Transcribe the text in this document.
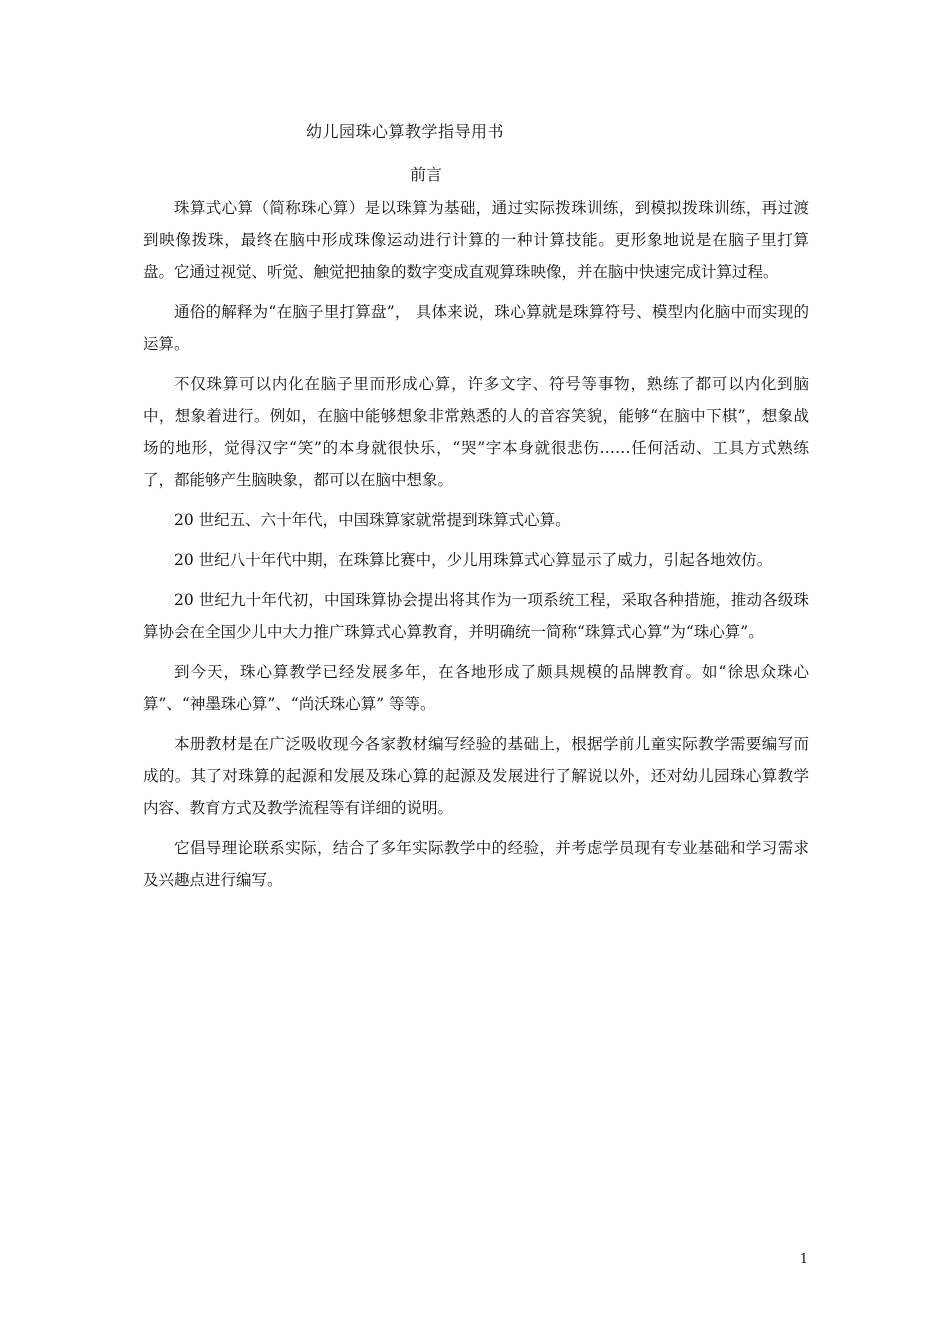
幼儿园珠心算教学指导用书
前言

珠算式心算（简称珠心算）是以珠算为基础，通过实际拨珠训练，到模拟拨珠训练，再过渡到映像拨珠，最终在脑中形成珠像运动进行计算的一种计算技能。更形象地说是在脑子里打算盘。它通过视觉、听觉、触觉把抽象的数字变成直观算珠映像，并在脑中快速完成计算过程。

通俗的解释为“在脑子里打算盘”， 具体来说，珠心算就是珠算符号、模型内化脑中而实现的运算。

不仅珠算可以内化在脑子里而形成心算，许多文字、符号等事物，熟练了都可以内化到脑中，想象着进行。例如，在脑中能够想象非常熟悉的人的音容笑貌，能够“在脑中下棋”，想象战场的地形，觉得汉字“笑”的本身就很快乐，“哭”字本身就很悲伤……任何活动、工具方式熟练了，都能够产生脑映象，都可以在脑中想象。

20 世纪五、六十年代，中国珠算家就常提到珠算式心算。

20 世纪八十年代中期，在珠算比赛中，少儿用珠算式心算显示了威力，引起各地效仿。

20 世纪九十年代初，中国珠算协会提出将其作为一项系统工程，采取各种措施，推动各级珠算协会在全国少儿中大力推广珠算式心算教育，并明确统一简称“珠算式心算”为“珠心算”。

到今天，珠心算教学已经发展多年，在各地形成了颇具规模的品牌教育。如“徐思众珠心算”、“神墨珠心算”、“尚沃珠心算” 等等。

本册教材是在广泛吸收现今各家教材编写经验的基础上，根据学前儿童实际教学需要编写而成的。其了对珠算的起源和发展及珠心算的起源及发展进行了解说以外，还对幼儿园珠心算教学内容、教育方式及教学流程等有详细的说明。

它倡导理论联系实际，结合了多年实际教学中的经验，并考虑学员现有专业基础和学习需求及兴趣点进行编写。

1
